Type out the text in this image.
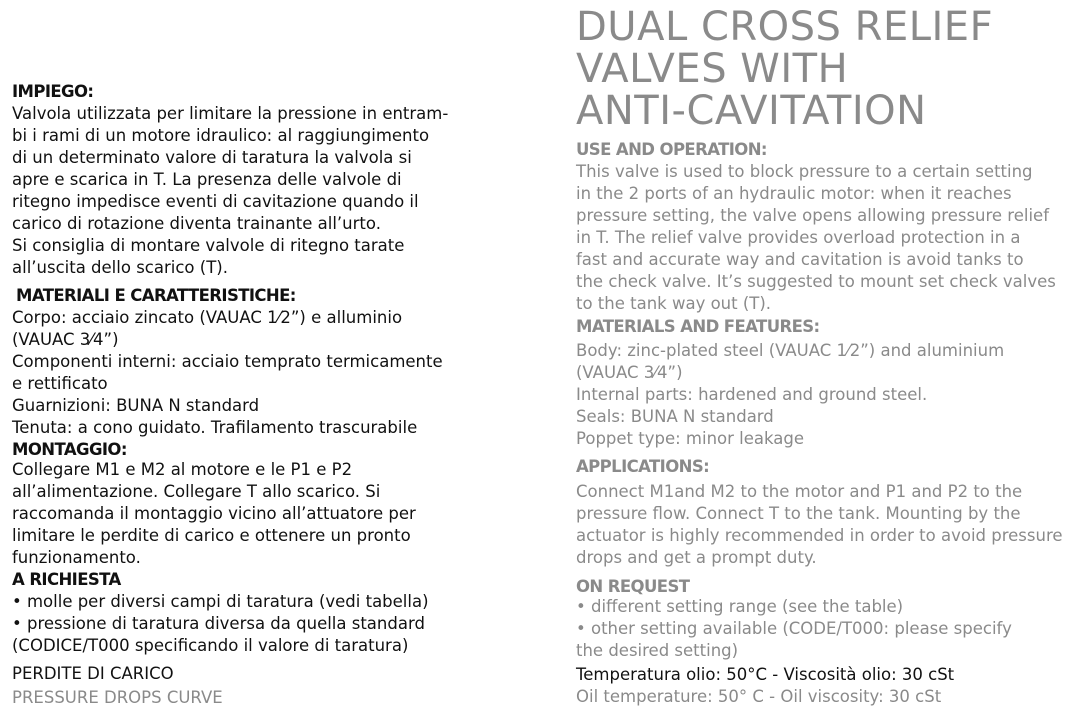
IMPIEGO:
Valvola utilizzata per limitare la pressione in entram-
bi i rami di un motore idraulico: al raggiungimento
di un determinato valore di taratura la valvola si
apre e scarica in T. La presenza delle valvole di
ritegno impedisce eventi di cavitazione quando il
carico di rotazione diventa trainante all’urto.
Si consiglia di montare valvole di ritegno tarate
all’uscita dello scarico (T).
MATERIALI E CARATTERISTICHE:
Corpo: acciaio zincato (VAUAC 1⁄2”) e alluminio
(VAUAC 3⁄4”)
Componenti interni: acciaio temprato termicamente
e rettificato
Guarnizioni: BUNA N standard
Tenuta: a cono guidato. Trafilamento trascurabile
MONTAGGIO:
Collegare M1 e M2 al motore e le P1 e P2
all’alimentazione. Collegare T allo scarico. Si
raccomanda il montaggio vicino all’attuatore per
limitare le perdite di carico e ottenere un pronto
funzionamento.
A RICHIESTA
• molle per diversi campi di taratura (vedi tabella)
• pressione di taratura diversa da quella standard
(CODICE/T000 specificando il valore di taratura)
PERDITE DI CARICO
PRESSURE DROPS CURVE
DUAL CROSS RELIEF
VALVES WITH
ANTI-CAVITATION
USE AND OPERATION:
This valve is used to block pressure to a certain setting
in the 2 ports of an hydraulic motor: when it reaches
pressure setting, the valve opens allowing pressure relief
in T. The relief valve provides overload protection in a
fast and accurate way and cavitation is avoid tanks to
the check valve. It’s suggested to mount set check valves
to the tank way out (T).
MATERIALS AND FEATURES:
Body: zinc-plated steel (VAUAC 1⁄2”) and aluminium
(VAUAC 3⁄4”)
Internal parts: hardened and ground steel.
Seals: BUNA N standard
Poppet type: minor leakage
APPLICATIONS:
Connect M1and M2 to the motor and P1 and P2 to the
pressure flow. Connect T to the tank. Mounting by the
actuator is highly recommended in order to avoid pressure
drops and get a prompt duty.
ON REQUEST
• different setting range (see the table)
• other setting available (CODE/T000: please specify
the desired setting)
Temperatura olio: 50°C - Viscosità olio: 30 cSt
Oil temperature: 50° C - Oil viscosity: 30 cSt
